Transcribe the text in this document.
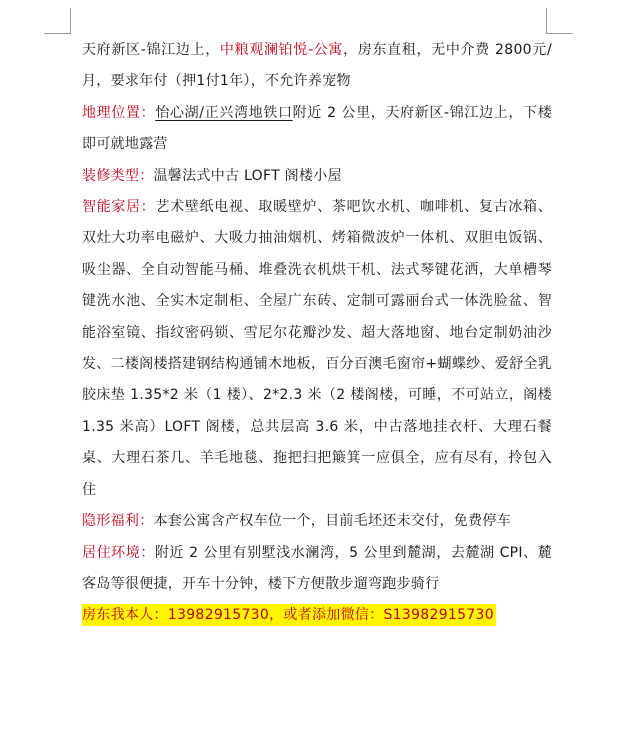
天府新区-锦江边上，中粮观澜铂悦-公寓，房东直租，无中介费 2800元/月，要求年付（押1付1年），不允许养宠物

地理位置：怡心湖/正兴湾地铁口附近 2 公里，天府新区-锦江边上，下楼即可就地露营

装修类型：温馨法式中古 LOFT 阁楼小屋

智能家居：艺术壁纸电视、取暖壁炉、茶吧饮水机、咖啡机、复古冰箱、双灶大功率电磁炉、大吸力抽油烟机、烤箱微波炉一体机、双胆电饭锅、吸尘器、全自动智能马桶、堆叠洗衣机烘干机、法式琴键花洒，大单槽琴键洗水池、全实木定制柜、全屋广东砖、定制可露丽台式一体洗脸盆、智能浴室镜、指纹密码锁、雪尼尔花瓣沙发、超大落地窗、地台定制奶油沙发、二楼阁楼搭建钢结构通铺木地板，百分百澳毛窗帘+蝴蝶纱、爱舒全乳胶床垫 1.35*2 米（1 楼）、2*2.3 米（2 楼阁楼，可睡，不可站立，阁楼 1.35 米高）LOFT 阁楼，总共层高 3.6 米，中古落地挂衣杆、大理石餐桌、大理石茶几、羊毛地毯、拖把扫把簸箕一应俱全，应有尽有，拎包入住

隐形福利：本套公寓含产权车位一个，目前毛坯还未交付，免费停车

居住环境：附近 2 公里有别墅浅水澜湾，5 公里到麓湖，去麓湖 CPI、麓客岛等很便捷，开车十分钟，楼下方便散步遛弯跑步骑行

房东我本人：13982915730，或者添加微信：S13982915730
